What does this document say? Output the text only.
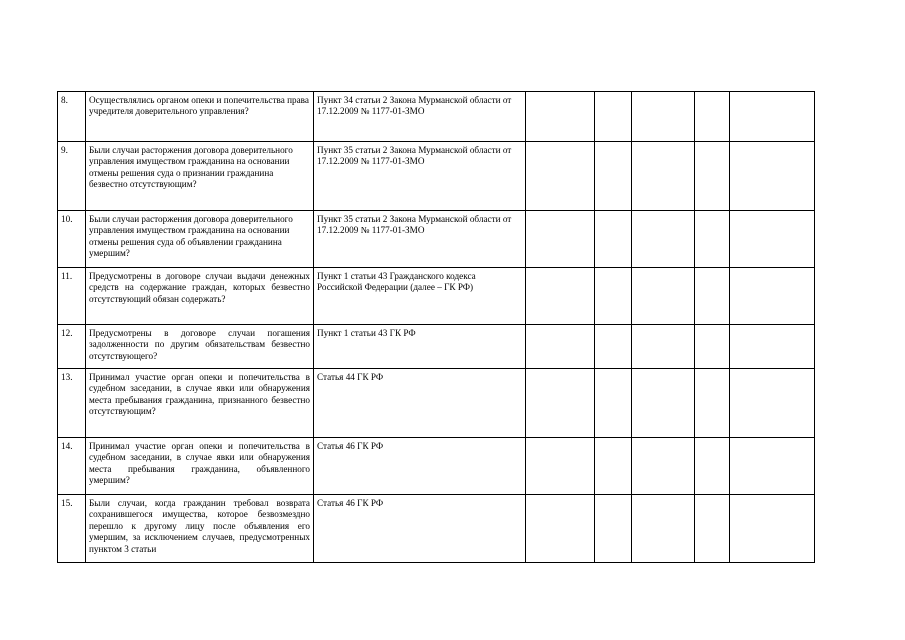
8.	Осуществлялись органом опеки и попечительства права учредителя доверительного управления?	Пункт 34 статьи 2 Закона Мурманской области от 17.12.2009 № 1177-01-ЗМО					
9.	Были случаи расторжения договора доверительного управления имуществом гражданина на основании отмены решения суда о признании гражданина безвестно отсутствующим?	Пункт 35 статьи 2 Закона Мурманской области от 17.12.2009 № 1177-01-ЗМО					
10.	Были случаи расторжения договора доверительного управления имуществом гражданина на основании отмены решения суда об объявлении гражданина умершим?	Пункт 35 статьи 2 Закона Мурманской области от 17.12.2009 № 1177-01-ЗМО					
11.	Предусмотрены в договоре случаи выдачи денежных средств на содержание граждан, которых безвестно отсутствующий обязан содержать?	Пункт 1 статьи 43 Гражданского кодекса Российской Федерации (далее – ГК РФ)					
12.	Предусмотрены в договоре случаи погашения задолженности по другим обязательствам безвестно отсутствующего?	Пункт 1 статьи 43 ГК РФ					
13.	Принимал участие орган опеки и попечительства в судебном заседании, в случае явки или обнаружения места пребывания гражданина, признанного безвестно отсутствующим?	Статья 44 ГК РФ					
14.	Принимал участие орган опеки и попечительства в судебном заседании, в случае явки или обнаружения места пребывания гражданина, объявленного умершим?	Статья 46 ГК РФ					
15.	Были случаи, когда гражданин требовал возврата сохранившегося имущества, которое безвозмездно перешло к другому лицу после объявления его умершим, за исключением случаев, предусмотренных пунктом 3 статьи	Статья 46 ГК РФ					
